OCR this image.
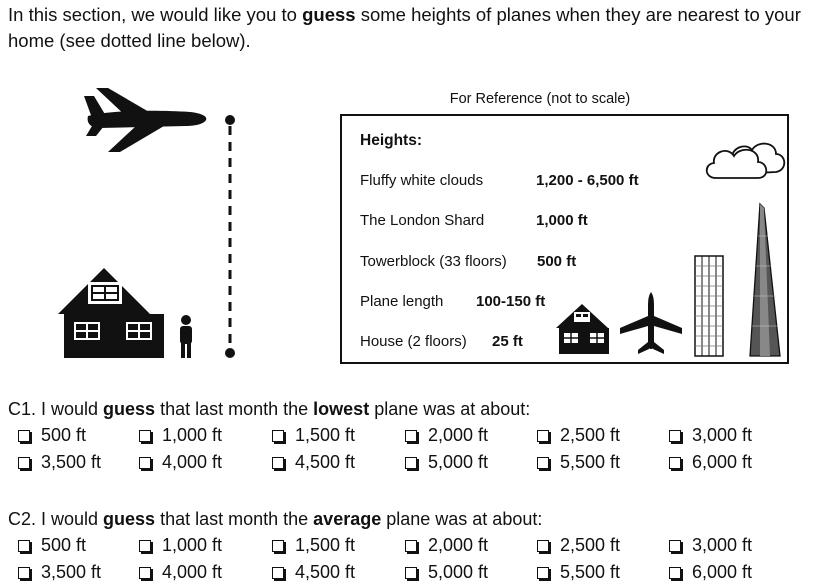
In this section, we would like you to guess some heights of planes when they are nearest to your home (see dotted line below).
For Reference (not to scale)
Heights:
Fluffy white clouds	1,200 - 6,500 ft
The London Shard	1,000 ft
Towerblock (33 floors) 500 ft
Plane length 100-150 ft
House (2 floors) 25 ft
C1. I would guess that last month the lowest plane was at about:
500 ft	1,000 ft	1,500 ft	2,000 ft	2,500 ft	3,000 ft
3,500 ft	4,000 ft	4,500 ft	5,000 ft	5,500 ft	6,000 ft
C2. I would guess that last month the average plane was at about:
500 ft	1,000 ft	1,500 ft	2,000 ft	2,500 ft	3,000 ft
3,500 ft	4,000 ft	4,500 ft	5,000 ft	5,500 ft	6,000 ft
